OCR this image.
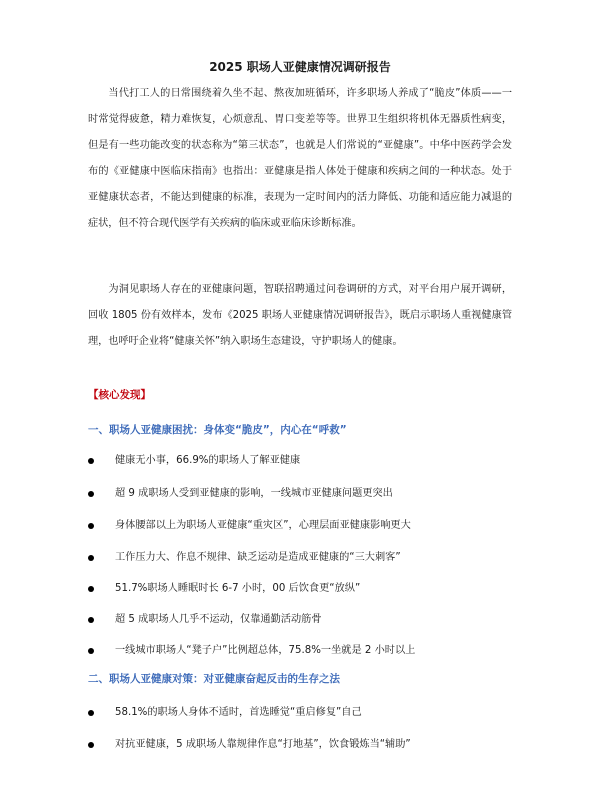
2025 职场人亚健康情况调研报告

当代打工人的日常围绕着久坐不起、熬夜加班循环，许多职场人养成了“脆皮”体质——一时常觉得疲惫，精力难恢复，心烦意乱、胃口变差等等。世界卫生组织将机体无器质性病变，但是有一些功能改变的状态称为“第三状态”，也就是人们常说的“亚健康”。中华中医药学会发布的《亚健康中医临床指南》也指出：亚健康是指人体处于健康和疾病之间的一种状态。处于亚健康状态者，不能达到健康的标准，表现为一定时间内的活力降低、功能和适应能力减退的症状，但不符合现代医学有关疾病的临床或亚临床诊断标准。

为洞见职场人存在的亚健康问题，智联招聘通过问卷调研的方式，对平台用户展开调研，回收 1805 份有效样本，发布《2025 职场人亚健康情况调研报告》，既启示职场人重视健康管理，也呼吁企业将“健康关怀”纳入职场生态建设，守护职场人的健康。

【核心发现】
一、职场人亚健康困扰：身体变“脆皮”，内心在“呼救”
健康无小事，66.9%的职场人了解亚健康
超 9 成职场人受到亚健康的影响，一线城市亚健康问题更突出
身体腰部以上为职场人亚健康“重灾区”，心理层面亚健康影响更大
工作压力大、作息不规律、缺乏运动是造成亚健康的“三大刺客”
51.7%职场人睡眠时长 6-7 小时，00 后饮食更“放纵”
超 5 成职场人几乎不运动，仅靠通勤活动筋骨
一线城市职场人“凳子户”比例超总体，75.8%一坐就是 2 小时以上
二、职场人亚健康对策：对亚健康奋起反击的生存之法
58.1%的职场人身体不适时，首选睡觉“重启修复”自己
对抗亚健康，5 成职场人靠规律作息“打地基”，饮食锻炼当“辅助”
